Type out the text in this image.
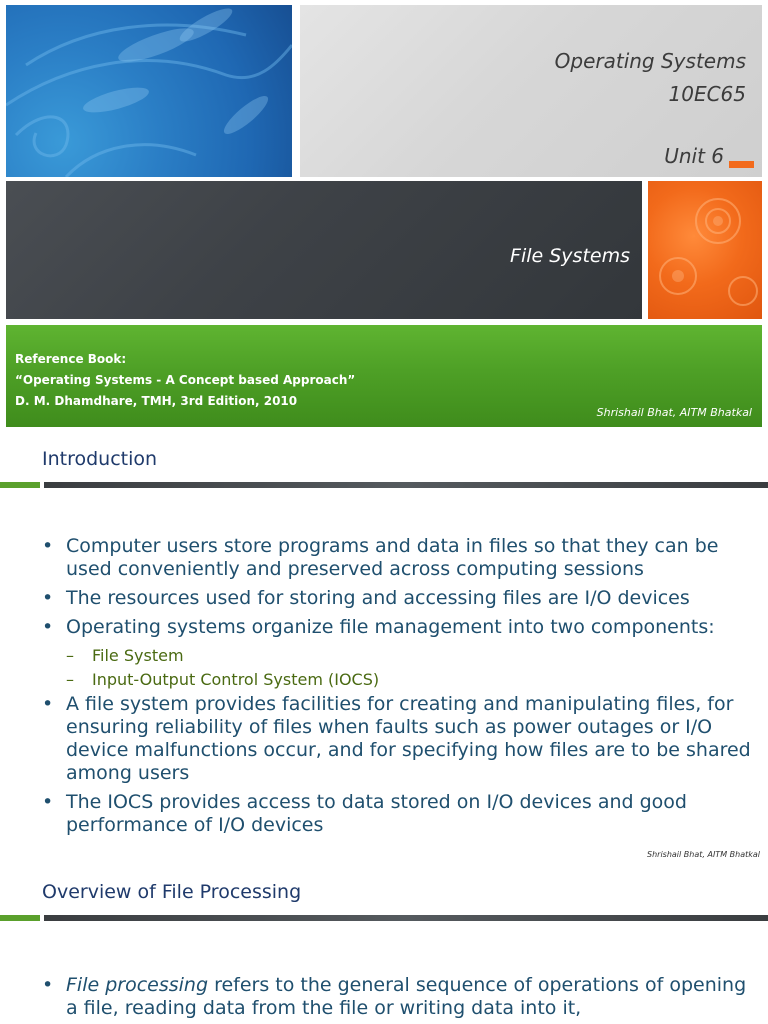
Operating Systems
10EC65
Unit 6
File Systems
Reference Book:
“Operating Systems - A Concept based Approach”
D. M. Dhamdhare, TMH, 3rd Edition, 2010
Shrishail Bhat, AITM Bhatkal
Introduction
• Computer users store programs and data in files so that they can be used conveniently and preserved across computing sessions
• The resources used for storing and accessing files are I/O devices
• Operating systems organize file management into two components:
– File System
– Input-Output Control System (IOCS)
• A file system provides facilities for creating and manipulating files, for ensuring reliability of files when faults such as power outages or I/O device malfunctions occur, and for specifying how files are to be shared among users
• The IOCS provides access to data stored on I/O devices and good performance of I/O devices
Shrishail Bhat, AITM Bhatkal
Overview of File Processing
• File processing refers to the general sequence of operations of opening a file, reading data from the file or writing data into it,
